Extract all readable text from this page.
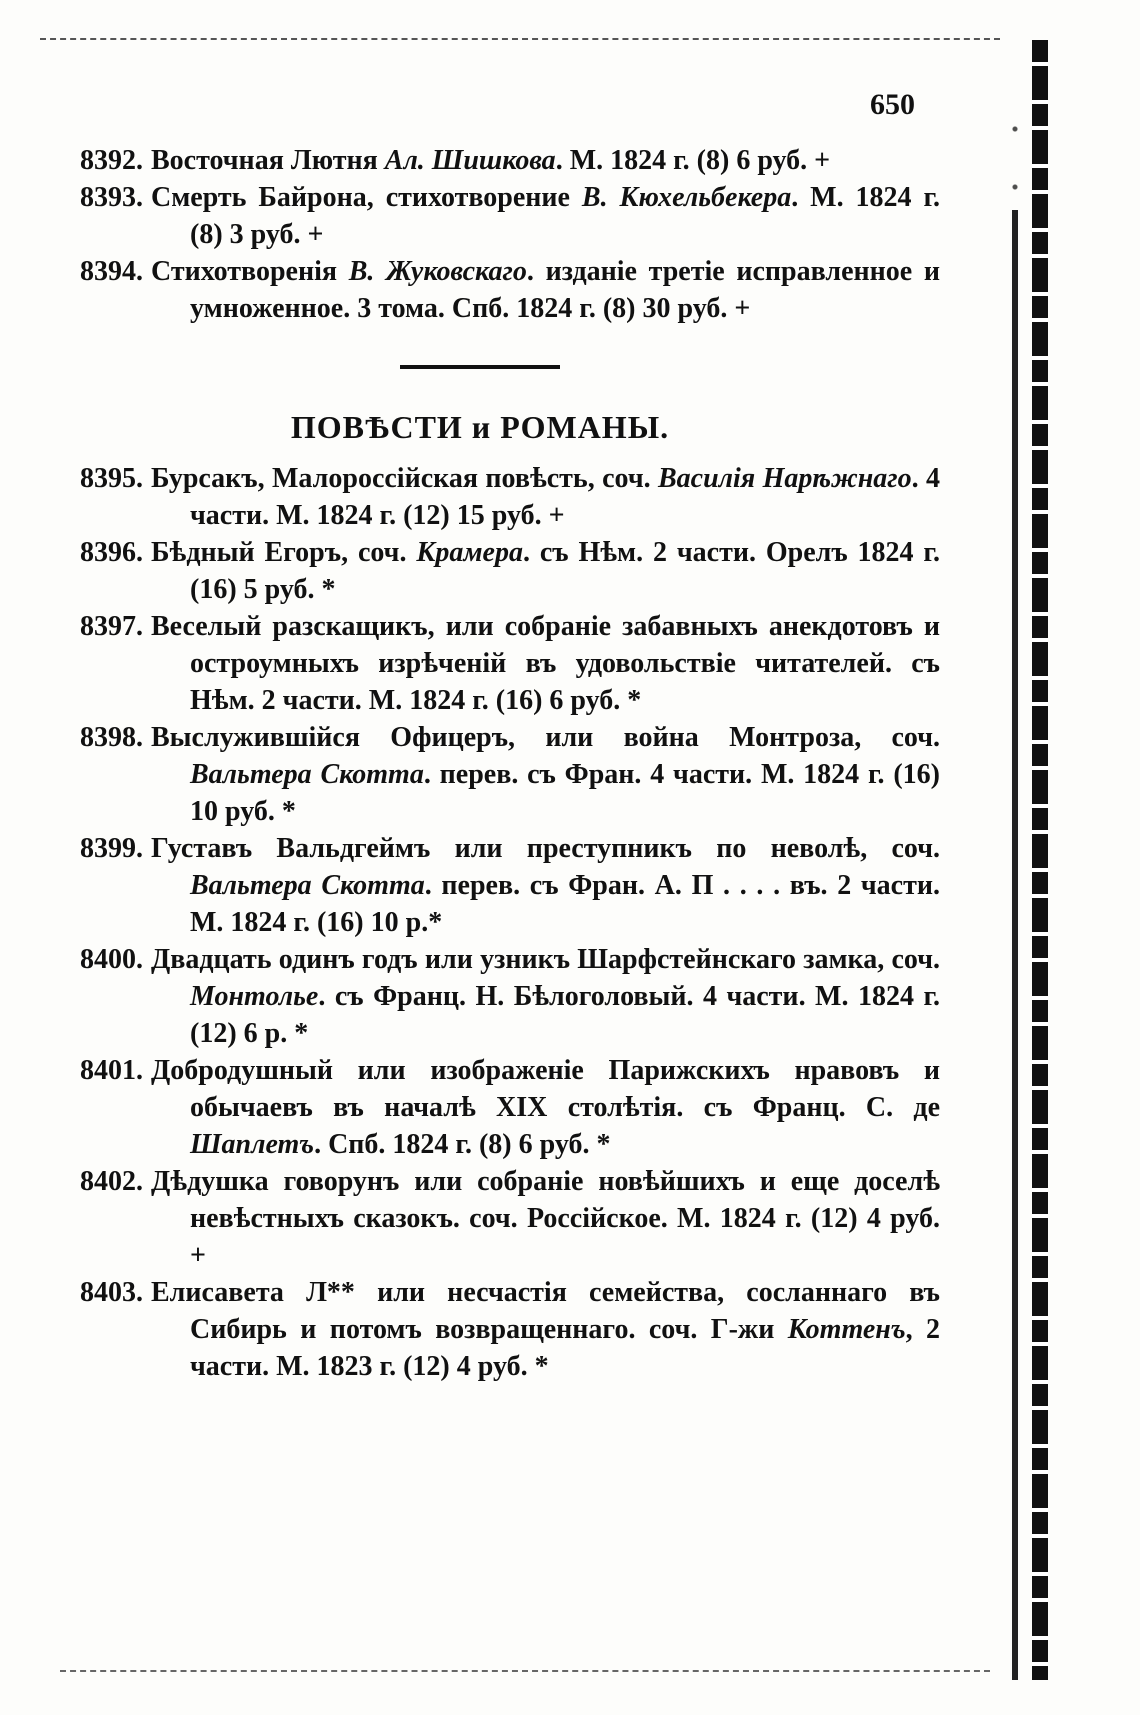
650

8392. Восточная Лютня Ал. Шишкова. М. 1824 г. (8) 6 руб. +

8393. Смерть Байрона, стихотворение В. Кюхельбекера. М. 1824 г. (8) 3 руб. +

8394. Стихотворенія В. Жуковскаго. изданіе третіе исправленное и умноженное. 3 тома. Спб. 1824 г. (8) 30 руб. +

ПОВѢСТИ и РОМАНЫ.

8395. Бурсакъ, Малороссійская повѣсть, соч. Василія Нарѣжнаго. 4 части. М. 1824 г. (12) 15 руб. +

8396. Бѣдный Егоръ, соч. Крамера. съ Нѣм. 2 части. Орелъ 1824 г. (16) 5 руб. *

8397. Веселый разскащикъ, или собраніе забавныхъ анекдотовъ и остроумныхъ изрѣченій въ удовольствіе читателей. съ Нѣм. 2 части. М. 1824 г. (16) 6 руб. *

8398. Выслужившійся Офицеръ, или война Монтроза, соч. Вальтера Скотта. перев. съ Фран. 4 части. М. 1824 г. (16) 10 руб. *

8399. Густавъ Вальдгеймъ или преступникъ по неволѣ, соч. Вальтера Скотта. перев. съ Фран. А. П . . . . въ. 2 части. М. 1824 г. (16) 10 р.*

8400. Двадцать одинъ годъ или узникъ Шарфстейнскаго замка, соч. Монтолье. съ Франц. Н. Бѣлоголовый. 4 части. М. 1824 г. (12) 6 р. *

8401. Добродушный или изображеніе Парижскихъ нравовъ и обычаевъ въ началѣ XIX столѣтія. съ Франц. С. де Шаплетъ. Спб. 1824 г. (8) 6 руб. *

8402. Дѣдушка говорунъ или собраніе новѣйшихъ и еще доселѣ невѣстныхъ сказокъ. соч. Россійское. М. 1824 г. (12) 4 руб. +

8403. Елисавета Л** или несчастія семейства, сосланнаго въ Сибирь и потомъ возвращеннаго. соч. Г-жи Коттенъ, 2 части. М. 1823 г. (12) 4 руб. *
